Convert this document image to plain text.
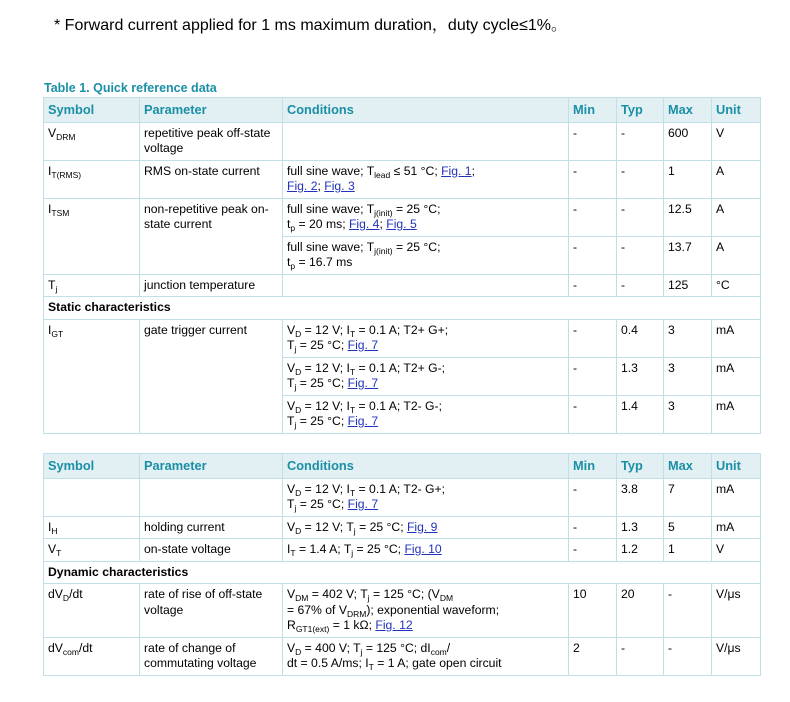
* Forward current applied for 1 ms maximum duration，duty cycle≤1%。
Table 1. Quick reference data
Symbol	Parameter	Conditions	Min	Typ	Max	Unit
$V_{DRM}$	repetitive peak off-state voltage		-	-	600	V
$I_{T(RMS)}$	RMS on-state current	full sine wave; $T_{lead} \le 51$ °C; Fig. 1;
Fig. 2; Fig. 3	-	-	1	A
$I_{TSM}$	non-repetitive peak on-state current	full sine wave; $T_{j(init)} = 25$ °C;
$t_p = 20$ ms; Fig. 4; Fig. 5	-	-	12.5	A
		full sine wave; $T_{j(init)} = 25$ °C;
$t_p = 16.7$ ms	-	-	13.7	A
$T_j$	junction temperature		-	-	125	°C
Static characteristics						
$I_{GT}$	gate trigger current	$V_D = 12$ V; $I_T = 0.1$ A; T2+ G+;
$T_j = 25$ °C; Fig. 7	-	0.4	3	mA
		$V_D = 12$ V; $I_T = 0.1$ A; T2+ G-;
$T_j = 25$ °C; Fig. 7	-	1.3	3	mA
		$V_D = 12$ V; $I_T = 0.1$ A; T2- G-;
$T_j = 25$ °C; Fig. 7	-	1.4	3	mA
Symbol	Parameter	Conditions	Min	Typ	Max	Unit
		$V_D = 12$ V; $I_T = 0.1$ A; T2- G+;
$T_j = 25$ °C; Fig. 7	-	3.8	7	mA
$I_H$	holding current	$V_D = 12$ V; $T_j = 25$ °C; Fig. 9	-	1.3	5	mA
$V_T$	on-state voltage	$I_T = 1.4$ A; $T_j = 25$ °C; Fig. 10	-	1.2	1	V
Dynamic characteristics						
$dV_D/dt$	rate of rise of off-state voltage	$V_{DM} = 402$ V; $T_j = 125$ °C; ($V_{DM}$
= 67% of $V_{DRM}$); exponential waveform;
$R_{GT1(ext)} = 1$ kΩ; Fig. 12	10	20	-	V/μs
$dV_{com}/dt$	rate of change of commutating voltage	$V_D = 400$ V; $T_j = 125$ °C; $dI_{com}/$
dt = 0.5 A/ms; $I_T = 1$ A; gate open circuit	2	-	-	V/μs
